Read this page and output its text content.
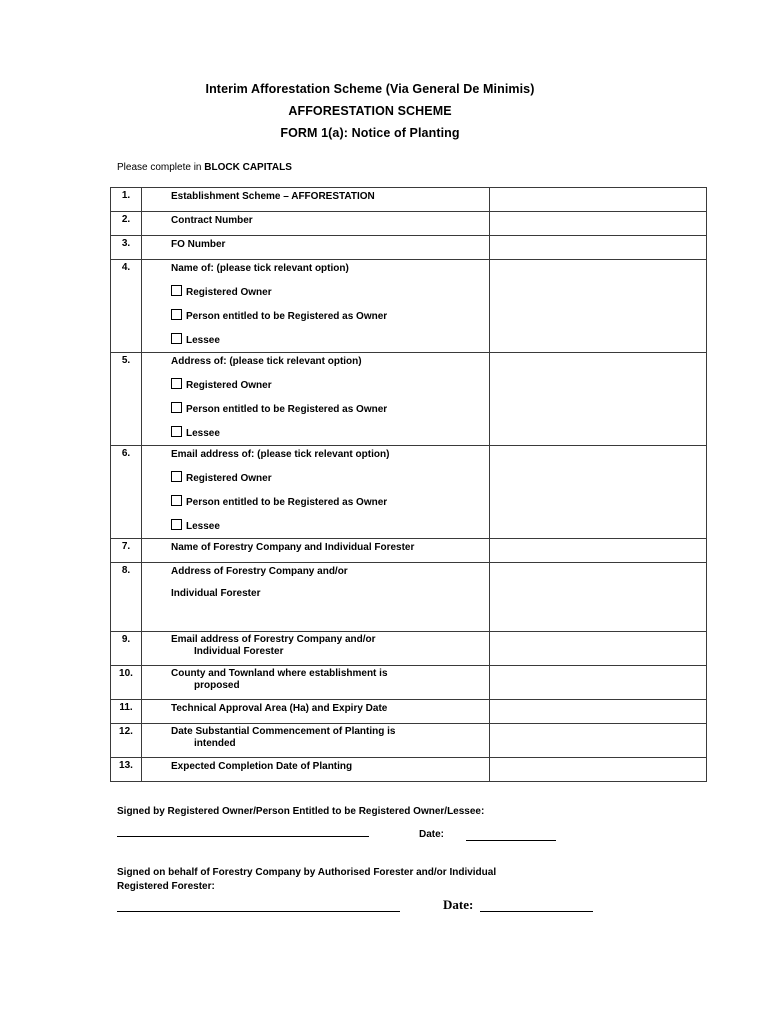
Interim Afforestation Scheme (Via General De Minimis)
AFFORESTATION SCHEME
FORM 1(a): Notice of Planting
Please complete in BLOCK CAPITALS
1.	Establishment Scheme – AFFORESTATION	
2.	Contract Number	
3.	FO Number	
4.	Name of: (please tick relevant option)
Registered Owner
Person entitled to be Registered as Owner
Lessee	

5.	Address of: (please tick relevant option)
Registered Owner
Person entitled to be Registered as Owner
Lessee	

6.	Email address of: (please tick relevant option)
Registered Owner
Person entitled to be Registered as Owner
Lessee	

7.	Name of Forestry Company and Individual Forester	
8.	Address of Forestry Company and/or
Individual Forester	

9.	Email address of Forestry Company and/or
Individual Forester	

10.	County and Townland where establishment is
proposed	

11.	Technical Approval Area (Ha) and Expiry Date	
12.	Date Substantial Commencement of Planting is
intended	

13.	Expected Completion Date of Planting	
Signed by Registered Owner/Person Entitled to be Registered Owner/Lessee:
Date:
Signed on behalf of Forestry Company by Authorised Forester and/or Individual
Registered Forester:
Date:
